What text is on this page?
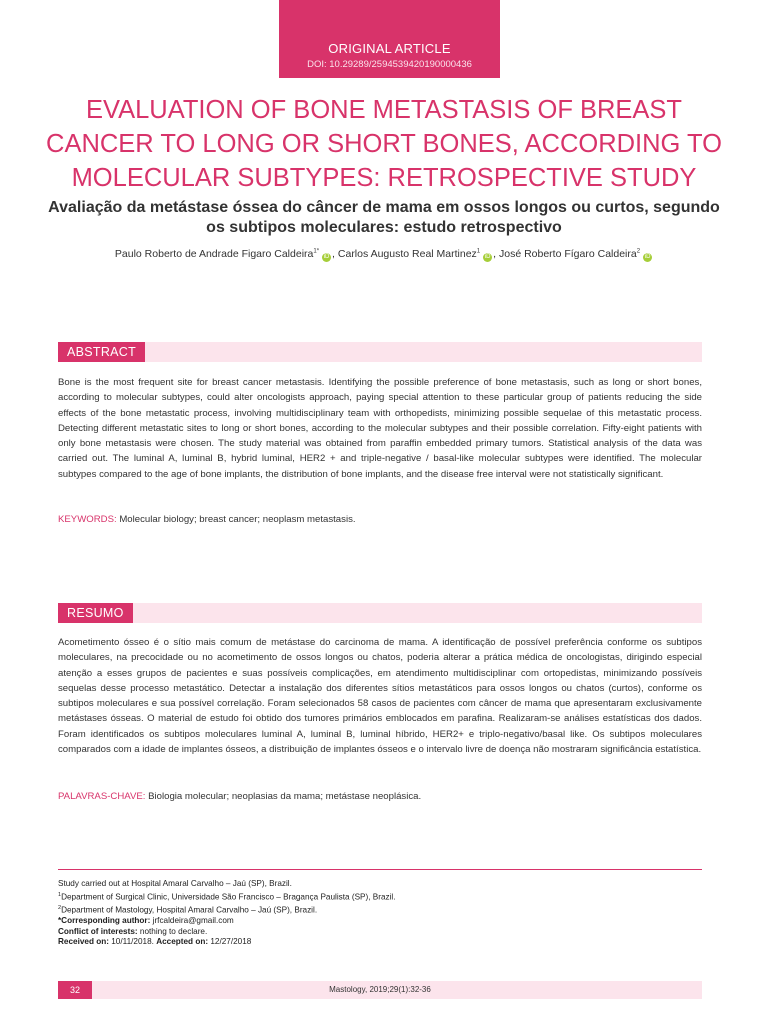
ORIGINAL ARTICLE
DOI: 10.29289/2594539420190000436
EVALUATION OF BONE METASTASIS OF BREAST CANCER TO LONG OR SHORT BONES, ACCORDING TO MOLECULAR SUBTYPES: RETROSPECTIVE STUDY
Avaliação da metástase óssea do câncer de mama em ossos longos ou curtos, segundo os subtipos moleculares: estudo retrospectivo

Paulo Roberto de Andrade Figaro Caldeira$^{1*}$iD , Carlos Augusto Real Martinez$^1$iD , José Roberto Fígaro Caldeira$^2$iD

ABSTRACT

Bone is the most frequent site for breast cancer metastasis. Identifying the possible preference of bone metastasis, such as long or short bones, according to molecular subtypes, could alter oncologists approach, paying special attention to these particular group of patients reducing the side effects of the bone metastatic process, involving multidisciplinary team with orthopedists, minimizing possible sequelae of this metastatic process. Detecting different metastatic sites to long or short bones, according to the molecular subtypes and their possible correlation. Fifty-eight patients with only bone metastasis were chosen. The study material was obtained from paraffin embedded primary tumors. Statistical analysis of the data was carried out. The luminal A, luminal B, hybrid luminal, HER2 + and triple-negative / basal-like molecular subtypes were identified. The molecular subtypes compared to the age of bone implants, the distribution of bone implants, and the disease free interval were not statistically significant.

KEYWORDS: Molecular biology; breast cancer; neoplasm metastasis.

RESUMO

Acometimento ósseo é o sítio mais comum de metástase do carcinoma de mama. A identificação de possível preferência conforme os subtipos moleculares, na precocidade ou no acometimento de ossos longos ou chatos, poderia alterar a prática médica de oncologistas, dirigindo especial atenção a esses grupos de pacientes e suas possíveis complicações, em atendimento multidisciplinar com ortopedistas, minimizando possíveis sequelas desse processo metastático. Detectar a instalação dos diferentes sítios metastáticos para ossos longos ou chatos (curtos), conforme os subtipos moleculares e sua possível correlação. Foram selecionados 58 casos de pacientes com câncer de mama que apresentaram exclusivamente metástases ósseas. O material de estudo foi obtido dos tumores primários emblocados em parafina. Realizaram-se análises estatísticas dos dados. Foram identificados os subtipos moleculares luminal A, luminal B, luminal híbrido, HER2+ e triplo-negativo/basal like. Os subtipos moleculares comparados com a idade de implantes ósseos, a distribuição de implantes ósseos e o intervalo livre de doença não mostraram significância estatística.

PALAVRAS-CHAVE: Biologia molecular; neoplasias da mama; metástase neoplásica.

Study carried out at Hospital Amaral Carvalho – Jaú (SP), Brazil.
$^1$Department of Surgical Clinic, Universidade São Francisco – Bragança Paulista (SP), Brazil.
$^2$Department of Mastology, Hospital Amaral Carvalho – Jaú (SP), Brazil.
*Corresponding author: jrfcaldeira@gmail.com
Conflict of interests: nothing to declare.
Received on: 10/11/2018. Accepted on: 12/27/2018
32	Mastology, 2019;29(1):32-36
